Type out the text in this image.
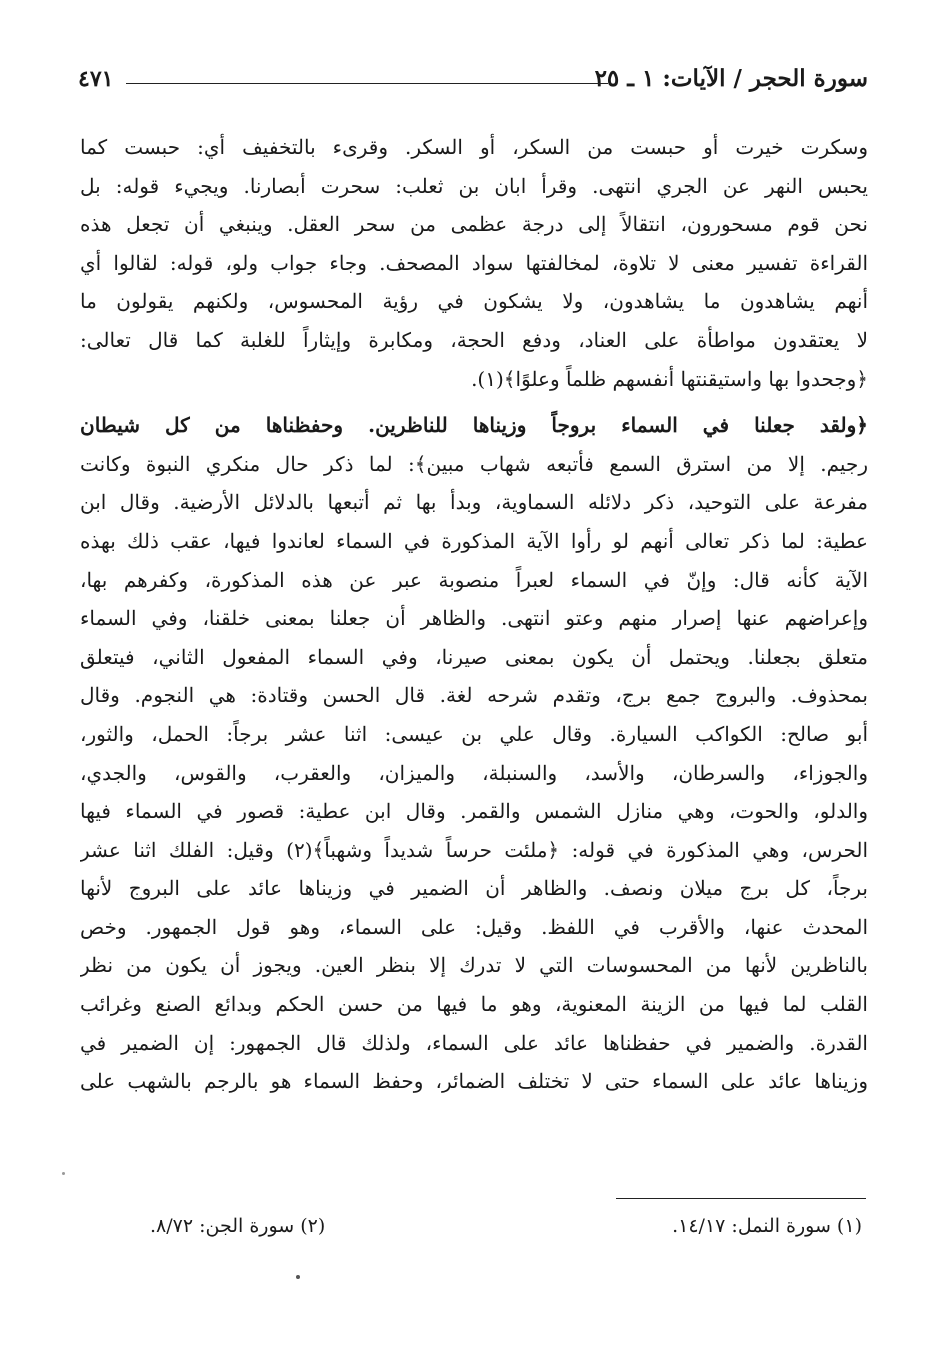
سورة الحجر / الآيات: ١ ـ ٢٥
٤٧١
وسكرت خيرت أو حبست من السكر، أو السكر. وقرىء بالتخفيف أي: حبست كما
يحبس النهر عن الجري انتهى. وقرأ ابان بن ثعلب: سحرت أبصارنا. ويجيء قوله: بل
نحن قوم مسحورون، انتقالاً إلى درجة عظمى من سحر العقل. وينبغي أن تجعل هذه
القراءة تفسير معنى لا تلاوة، لمخالفتها سواد المصحف. وجاء جواب ولو، قوله: لقالوا أي
أنهم يشاهدون ما يشاهدون، ولا يشكون في رؤية المحسوس، ولكنهم يقولون ما
لا يعتقدون مواطأة على العناد، ودفع الحجة، ومكابرة وإيثاراً للغلبة كما قال تعالى:
﴿وجحدوا بها واستيقنتها أنفسهم ظلماً وعلوًا﴾(١).
﴿ولقد جعلنا في السماء بروجاً وزيناها للناظرين. وحفظناها من كل شيطان
رجيم. إلا من استرق السمع فأتبعه شهاب مبين﴾: لما ذكر حال منكري النبوة وكانت
مفرعة على التوحيد، ذكر دلائله السماوية، وبدأ بها ثم أتبعها بالدلائل الأرضية. وقال ابن
عطية: لما ذكر تعالى أنهم لو رأوا الآية المذكورة في السماء لعاندوا فيها، عقب ذلك بهذه
الآية كأنه قال: وإنّ في السماء لعبراً منصوبة عبر عن هذه المذكورة، وكفرهم بها،
وإعراضهم عنها إصرار منهم وعتو انتهى. والظاهر أن جعلنا بمعنى خلقنا، وفي السماء
متعلق بجعلنا. ويحتمل أن يكون بمعنى صيرنا، وفي السماء المفعول الثاني، فيتعلق
بمحذوف. والبروج جمع برج، وتقدم شرحه لغة. قال الحسن وقتادة: هي النجوم. وقال
أبو صالح: الكواكب السيارة. وقال علي بن عيسى: اثنا عشر برجاً: الحمل، والثور،
والجوزاء، والسرطان، والأسد، والسنبلة، والميزان، والعقرب، والقوس، والجدي،
والدلو، والحوت، وهي منازل الشمس والقمر. وقال ابن عطية: قصور في السماء فيها
الحرس، وهي المذكورة في قوله: ﴿ملئت حرساً شديداً وشهباً﴾(٢) وقيل: الفلك اثنا عشر
برجاً، كل برج ميلان ونصف. والظاهر أن الضمير في وزيناها عائد على البروج لأنها
المحدث عنها، والأقرب في اللفظ. وقيل: على السماء، وهو قول الجمهور. وخص
بالناظرين لأنها من المحسوسات التي لا تدرك إلا بنظر العين. ويجوز أن يكون من نظر
القلب لما فيها من الزينة المعنوية، وهو ما فيها من حسن الحكم وبدائع الصنع وغرائب
القدرة. والضمير في حفظناها عائد على السماء، ولذلك قال الجمهور: إن الضمير في
وزيناها عائد على السماء حتى لا تختلف الضمائر، وحفظ السماء هو بالرجم بالشهب على
(١) سورة النمل: ١٤/١٧.
(٢) سورة الجن: ٨/٧٢.
